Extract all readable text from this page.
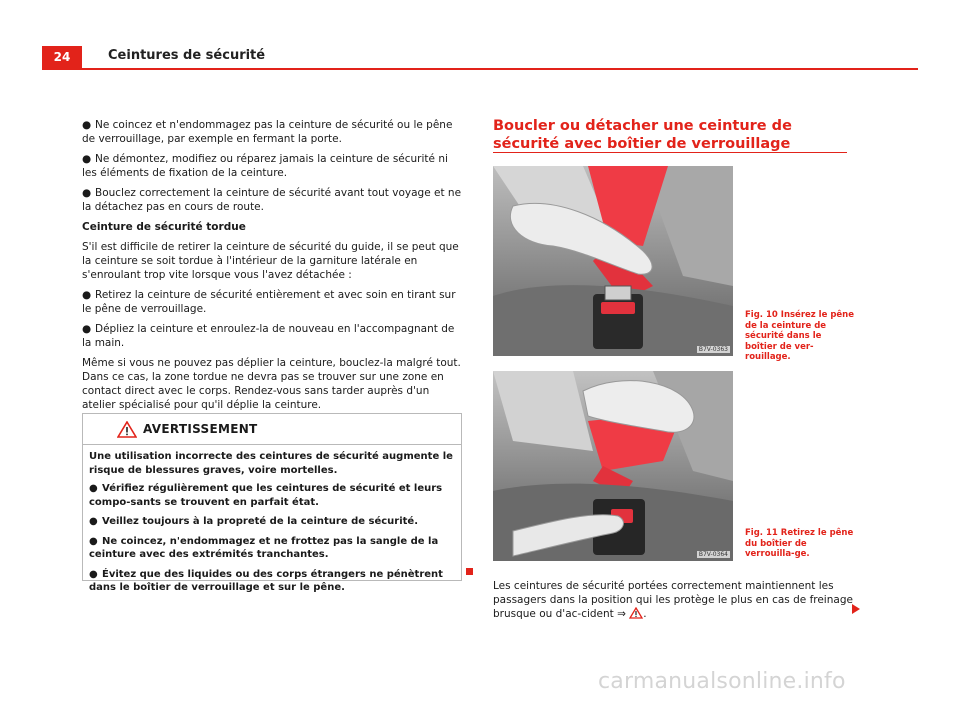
24	Ceintures de sécurité
● Ne coincez et n'endommagez pas la ceinture de sécurité ou le pêne de verrouillage, par exemple en fermant la porte.
● Ne démontez, modifiez ou réparez jamais la ceinture de sécurité ni les éléments de fixation de la ceinture.
● Bouclez correctement la ceinture de sécurité avant tout voyage et ne la détachez pas en cours de route.

Ceinture de sécurité tordue

S'il est difficile de retirer la ceinture de sécurité du guide, il se peut que la ceinture se soit tordue à l'intérieur de la garniture latérale en s'enroulant trop vite lorsque vous l'avez détachée :

● Retirez la ceinture de sécurité entièrement et avec soin en tirant sur le pêne de verrouillage.
● Dépliez la ceinture et enroulez-la de nouveau en l'accompagnant de la main.

Même si vous ne pouvez pas déplier la ceinture, bouclez-la malgré tout. Dans ce cas, la zone tordue ne devra pas se trouver sur une zone en contact direct avec le corps. Rendez-vous sans tarder auprès d'un atelier spécialisé pour qu'il déplie la ceinture.

AVERTISSEMENT

Une utilisation incorrecte des ceintures de sécurité augmente le risque de blessures graves, voire mortelles.

● Vérifiez régulièrement que les ceintures de sécurité et leurs compo-sants se trouvent en parfait état.
● Veillez toujours à la propreté de la ceinture de sécurité.
● Ne coincez, n'endommagez et ne frottez pas la sangle de la ceinture avec des extrémités tranchantes.
● Évitez que des liquides ou des corps étrangers ne pénètrent dans le boîtier de verrouillage et sur le pêne.
Boucler ou détacher une ceinture de sécurité avec boîtier de verrouillage
B7V-0363
Fig. 10 Insérez le pêne de la ceinture de sécurité dans le boîtier de ver-rouillage.
B7V-0364
Fig. 11 Retirez le pêne du boîtier de verrouilla-ge.
Les ceintures de sécurité portées correctement maintiennent les passagers dans la position qui les protège le plus en cas de freinage brusque ou d'ac-cident ⇒ .
carmanualsonline.info
